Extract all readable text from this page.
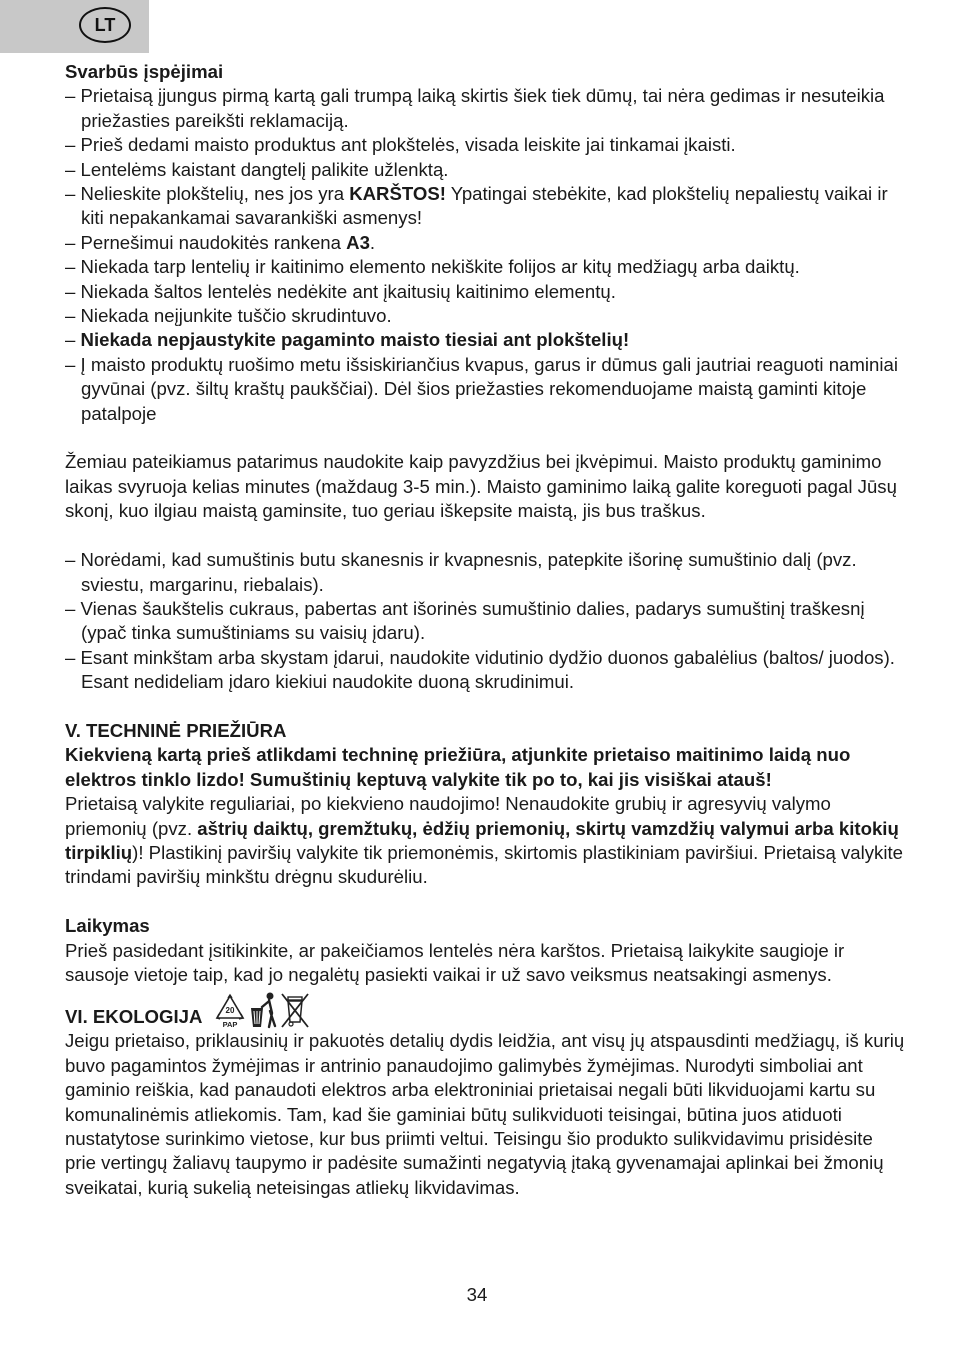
LT

Svarbūs įspėjimai

– Prietaisą įjungus pirmą kartą gali trumpą laiką skirtis šiek tiek dūmų, tai nėra gedimas ir nesuteikia priežasties pareikšti reklamaciją.

– Prieš dedami maisto produktus ant plokštelės, visada leiskite jai tinkamai įkaisti.

– Lentelėms kaistant dangtelį palikite užlenktą.

– Nelieskite plokštelių, nes jos yra KARŠTOS! Ypatingai stebėkite, kad plokštelių nepaliestų vaikai ir kiti nepakankamai savarankiški asmenys!

– Pernešimui naudokitės rankena A3.

– Niekada tarp lentelių ir kaitinimo elemento nekiškite folijos ar kitų medžiagų arba daiktų.

– Niekada šaltos lentelės nedėkite ant įkaitusių kaitinimo elementų.

– Niekada neįjunkite tuščio skrudintuvo.

– Niekada nepjaustykite pagaminto maisto tiesiai ant plokštelių!

– Į maisto produktų ruošimo metu išsiskiriančius kvapus, garus ir dūmus gali jautriai reaguoti naminiai gyvūnai (pvz. šiltų kraštų paukščiai). Dėl šios priežasties rekomenduojame maistą gaminti kitoje patalpoje

Žemiau pateikiamus patarimus naudokite kaip pavyzdžius bei įkvėpimui. Maisto produktų gaminimo laikas svyruoja kelias minutes (maždaug 3-5 min.). Maisto gaminimo laiką galite koreguoti pagal Jūsų skonį, kuo ilgiau maistą gaminsite, tuo geriau iškepsite maistą, jis bus traškus.

– Norėdami, kad sumuštinis butu skanesnis ir kvapnesnis, patepkite išorinę sumuštinio dalį (pvz. sviestu, margarinu, riebalais).

– Vienas šaukštelis cukraus, pabertas ant išorinės sumuštinio dalies, padarys sumuštinį traškesnį (ypač tinka sumuštiniams su vaisių įdaru).

– Esant minkštam arba skystam įdarui, naudokite vidutinio dydžio duonos gabalėlius (baltos/ juodos). Esant nedideliam įdaro kiekiui naudokite duoną skrudinimui.

V. TECHNINĖ PRIEŽIŪRA

Kiekvieną kartą prieš atlikdami techninę priežiūra, atjunkite prietaiso maitinimo laidą nuo elektros tinklo lizdo! Sumuštinių keptuvą valykite tik po to, kai jis visiškai atauš!

Prietaisą valykite reguliariai, po kiekvieno naudojimo! Nenaudokite grubių ir agresyvių valymo priemonių (pvz. aštrių daiktų, gremžtukų, ėdžių priemonių, skirtų vamzdžių valymui arba kitokių tirpiklių)! Plastikinį paviršių valykite tik priemonėmis, skirtomis plastikiniam paviršiui. Prietaisą valykite trindami paviršių minkštu drėgnu skudurėliu.

Laikymas

Prieš pasidedant įsitikinkite, ar pakeičiamos lentelės nėra karštos. Prietaisą laikykite saugioje ir sausoje vietoje taip, kad jo negalėtų pasiekti vaikai ir už savo veiksmus neatsakingi asmenys.

VI. EKOLOGIJA	20
PAP

Jeigu prietaiso, priklausinių ir pakuotės detalių dydis leidžia, ant visų jų atspausdinti medžiagų, iš kurių buvo pagamintos žymėjimas ir antrinio panaudojimo galimybės žymėjimas. Nurodyti simboliai ant gaminio reiškia, kad panaudoti elektros arba elektroniniai prietaisai negali būti likviduojami kartu su komunalinėmis atliekomis. Tam, kad šie gaminiai būtų sulikviduoti teisingai, būtina juos atiduoti nustatytose surinkimo vietose, kur bus priimti veltui. Teisingu šio produkto sulikvidavimu prisidėsite prie vertingų žaliavų taupymo ir padėsite sumažinti negatyvią įtaką gyvenamajai aplinkai bei žmonių sveikatai, kurią sukelią neteisingas atliekų likvidavimas.

34
